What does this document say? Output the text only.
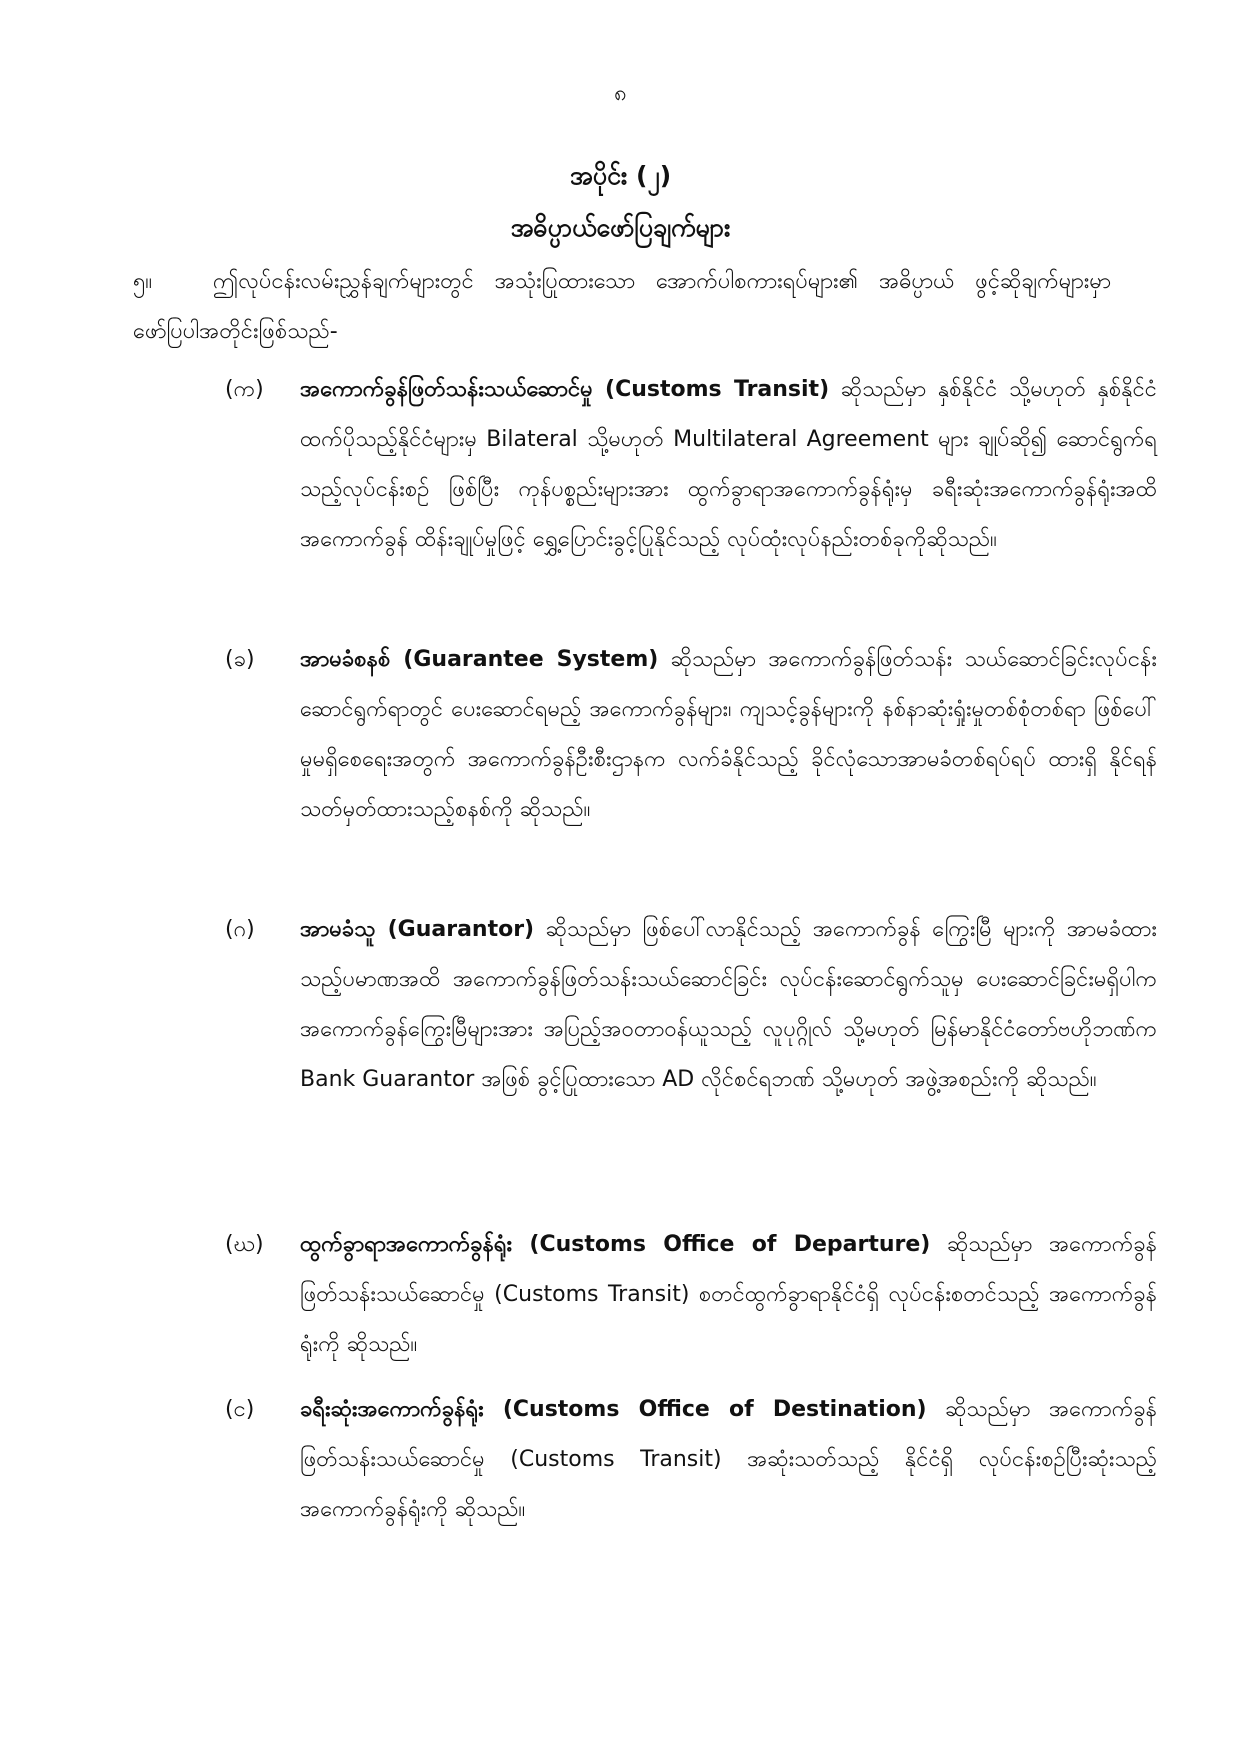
၈
အပိုင်း (၂)
အဓိပ္ပာယ်ဖော်ပြချက်များ
၅။	ဤလုပ်ငန်းလမ်းညွှန်ချက်များတွင် အသုံးပြုထားသော အောက်ပါစကားရပ်များ၏ အဓိပ္ပာယ် ဖွင့်ဆိုချက်များမှာ ဖော်ပြပါအတိုင်းဖြစ်သည်-
(က)	အကောက်ခွန်ဖြတ်သန်းသယ်ဆောင်မှု (Customs Transit) ဆိုသည်မှာ နှစ်နိုင်ငံ သို့မဟုတ် နှစ်နိုင်ငံထက်ပိုသည့်နိုင်ငံများမှ Bilateral သို့မဟုတ် Multilateral Agreement များ ချုပ်ဆို၍ ဆောင်ရွက်ရသည့်လုပ်ငန်းစဉ် ဖြစ်ပြီး ကုန်ပစ္စည်းများအား ထွက်ခွာရာအကောက်ခွန်ရုံးမှ ခရီးဆုံးအကောက်ခွန်ရုံးအထိ အကောက်ခွန် ထိန်းချုပ်မှုဖြင့် ရွှေ့ပြောင်းခွင့်ပြုနိုင်သည့် လုပ်ထုံးလုပ်နည်းတစ်ခုကိုဆိုသည်။
(ခ)	အာမခံစနစ် (Guarantee System) ဆိုသည်မှာ အကောက်ခွန်ဖြတ်သန်း သယ်ဆောင်ခြင်းလုပ်ငန်း ဆောင်ရွက်ရာတွင် ပေးဆောင်ရမည့် အကောက်ခွန်များ၊ ကျသင့်ခွန်များကို နစ်နာဆုံးရှုံးမှုတစ်စုံတစ်ရာ ဖြစ်ပေါ်မှုမရှိစေရေးအတွက် အကောက်ခွန်ဦးစီးဌာနက လက်ခံနိုင်သည့် ခိုင်လုံသောအာမခံတစ်ရပ်ရပ် ထားရှိ နိုင်ရန် သတ်မှတ်ထားသည့်စနစ်ကို ဆိုသည်။
(ဂ)	အာမခံသူ (Guarantor) ဆိုသည်မှာ ဖြစ်ပေါ်လာနိုင်သည့် အကောက်ခွန် ကြွေးမြီ များကို အာမခံထားသည့်ပမာဏအထိ အကောက်ခွန်ဖြတ်သန်းသယ်ဆောင်ခြင်း လုပ်ငန်းဆောင်ရွက်သူမှ ပေးဆောင်ခြင်းမရှိပါက အကောက်ခွန်ကြွေးမြီများအား အပြည့်အဝတာဝန်ယူသည့် လူပုဂ္ဂိုလ် သို့မဟုတ် မြန်မာနိုင်ငံတော်ဗဟိုဘဏ်က Bank Guarantor အဖြစ် ခွင့်ပြုထားသော AD လိုင်စင်ရဘဏ် သို့မဟုတ် အဖွဲ့အစည်းကို ဆိုသည်။
(ဃ)	ထွက်ခွာရာအကောက်ခွန်ရုံး (Customs Office of Departure) ဆိုသည်မှာ အကောက်ခွန်ဖြတ်သန်းသယ်ဆောင်မှု (Customs Transit) စတင်ထွက်ခွာရာနိုင်ငံရှိ လုပ်ငန်းစတင်သည့် အကောက်ခွန်ရုံးကို ဆိုသည်။
(င)	ခရီးဆုံးအကောက်ခွန်ရုံး (Customs Office of Destination) ဆိုသည်မှာ အကောက်ခွန်ဖြတ်သန်းသယ်ဆောင်မှု (Customs Transit) အဆုံးသတ်သည့် နိုင်ငံရှိ လုပ်ငန်းစဉ်ပြီးဆုံးသည့် အကောက်ခွန်ရုံးကို ဆိုသည်။
